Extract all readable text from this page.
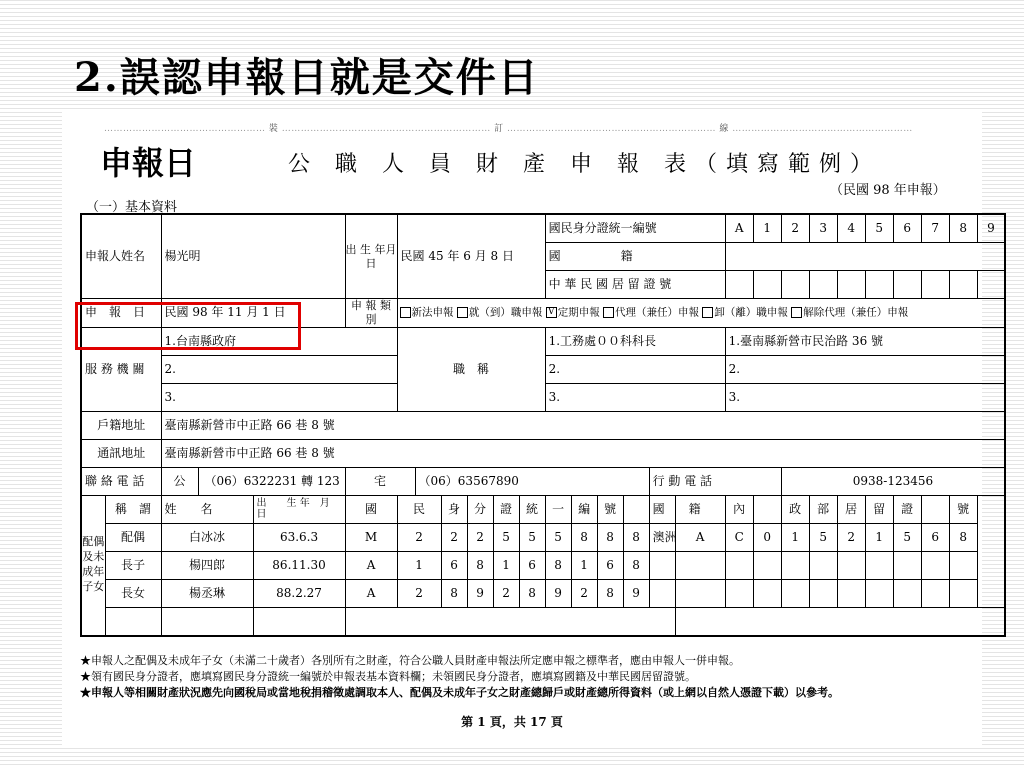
2.誤認申報日就是交件日
…………………………………………… 裝 ………………………………………………………… 訂 ………………………………………………………… 線 …………………………………………………
申報日	公 職 人 員 財 產 申 報 表（填寫範例）
（民國 98 年申報）
（一）基本資料
申報人姓名		楊光明		出 生 年月日	民國 45 年 6 月 8 日						國民身分證統一編號						A	1	2	3	4	5	6	7	8	9
											國　　　　　籍															
											中 華 民 國 居 留 證 號															
申　報　日		民國 98 年 11 月 1 日		申 報 類 別	新法申報 就（到）職申報 V 定期申報 代理（兼任）申報 卸（離）職申報 解除代理（兼任）申報																					
服 務 機 關		1.台南縣政府			職　稱						1.工務處００科科長						1.臺南縣新營市民治路 36 號									
		2.									2.						2.									
		3.									3.						3.									
戶籍地址		臺南縣新營市中正路 66 巷 8 號																								
通訊地址		臺南縣新營市中正路 66 巷 8 號																								
聯 絡 電 話		公 （06）6322231 轉 123		宅		（06）63567890									行 動 電 話				0938-123456							
配偶及未成年子女	稱　謂	姓　　名	出　　生 年　月　日	國	民		身	分	證	統	一	編	號		國　　籍		內		政	部	居	留	證		號	
	配偶	白冰冰	63.6.3	M	2		2	2	5	5	5	8	8	8	澳洲	A	C	0	1	5	2	1	5	6	8	
	長子	楊四郎	86.11.30	A	1		6	8	1	6	8	1	6	8												
	長女	楊丞琳	88.2.27	A	2		8	9	2	8	9	2	8	9												

★申報人之配偶及未成年子女（未滿二十歲者）各別所有之財產，符合公職人員財產申報法所定應申報之標準者，應由申報人一併申報。
★領有國民身分證者，應填寫國民身分證統一編號於申報表基本資料欄；未領國民身分證者，應填寫國籍及中華民國居留證號。
★申報人等相關財產狀況應先向國稅局或當地稅捐稽徵處調取本人、配偶及未成年子女之財產總歸戶或財產總所得資料（或上網以自然人憑證下載）以參考。
第 1 頁，共 17 頁
